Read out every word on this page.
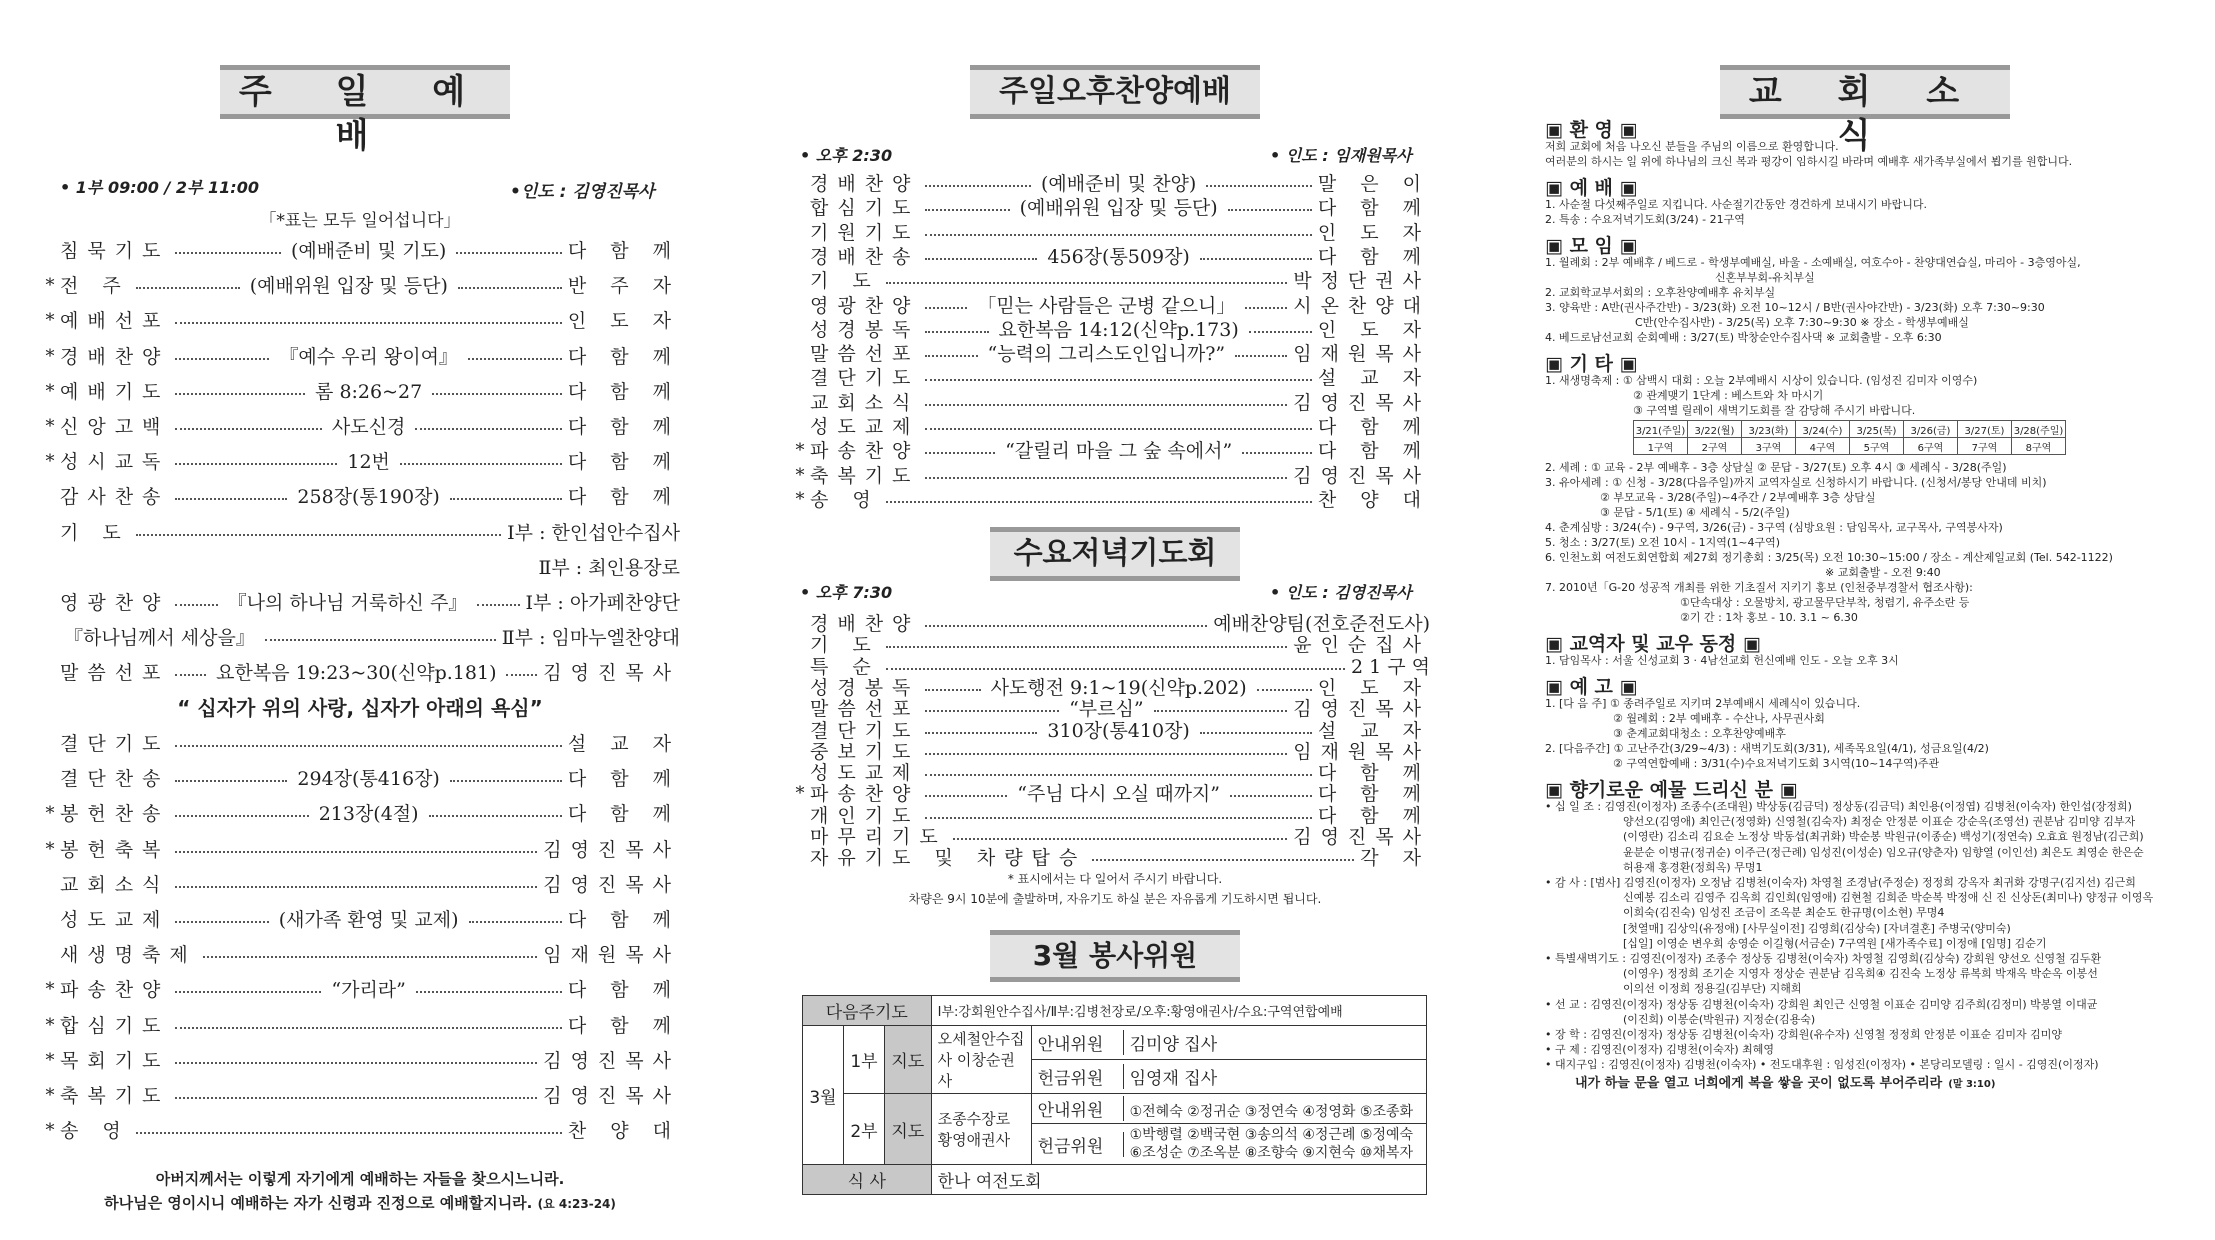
주 일 예 배
• 1부 09:00 / 2부 11:00	•인도 : 김영진목사
「*표는 모두 일어섭니다」
침묵기도	(예배준비 및 기도)	다 함 께
* 전 주	(예배위원 입장 및 등단)	반 주 자
* 예배선포	인 도 자
* 경배찬양	『예수 우리 왕이여』	다 함 께
* 예배기도	롬 8:26~27	다 함 께
* 신앙고백	사도신경	다 함 께
* 성시교독	12번	다 함 께
감사찬송	258장(통190장)	다 함 께
기 도	Ⅰ부 : 한인섭안수집사
Ⅱ부 : 최인용장로
영광찬양	『나의 하나님 거룩하신 주』	Ⅰ부 : 아가페찬양단
『하나님께서 세상을』	Ⅱ부 : 임마누엘찬양대
말씀선포 요한복음 19:23~30(신약p.181) 김영진목사
“ 십자가 위의 사랑, 십자가 아래의 욕심”
결단기도	설 교 자
결단찬송	294장(통416장)	다 함 께
* 봉헌찬송	213장(4절)	다 함 께
* 봉헌축복	김영진목사
교회소식	김영진목사
성도교제	(새가족 환영 및 교제)	다 함 께
새생명축제	임재원목사
* 파송찬양	“가리라”	다 함 께
* 합심기도	다 함 께
* 목회기도	김영진목사
* 축복기도	김영진목사
* 송 영	찬 양 대
아버지께서는 이렇게 자기에게 예배하는 자들을 찾으시느니라.
하나님은 영이시니 예배하는 자가 신령과 진정으로 예배할지니라. (요 4:23-24)
주일오후찬양예배
• 오후 2:30	• 인도 : 임재원목사
경배찬양	(예배준비 및 찬양)	말 은 이
합심기도	(예배위원 입장 및 등단)	다 함 께
기원기도	인 도 자
경배찬송	456장(통509장)	다 함 께
기 도	박정단권사
영광찬양	「믿는 사람들은 군병 같으니」	시온찬양대
성경봉독	요한복음 14:12(신약p.173)	인 도 자
말씀선포	“능력의 그리스도인입니까?”	임재원목사
결단기도	설 교 자
교회소식	김영진목사
성도교제	다 함 께
* 파송찬양	“갈릴리 마을 그 숲 속에서”	다 함 께
* 축복기도	김영진목사
* 송 영	찬 양 대
수요저녁기도회
• 오후 7:30	• 인도 : 김영진목사
경배찬양	예배찬양팀(전호준전도사)
기 도	윤인순집사
특 순	2 1 구 역
성경봉독	사도행전 9:1~19(신약p.202)	인 도 자
말씀선포	“부르심”	김영진목사
결단기도	310장(통410장)	설 교 자
중보기도	임재원목사
성도교제	다 함 께
* 파송찬양	“주님 다시 오실 때까지”	다 함 께
개인기도	다 함 께
마무리기도	김영진목사
자유기도 및 차량탑승	각 자
* 표시에서는 다 일어서 주시기 바랍니다.
차량은 9시 10분에 출발하며, 자유기도 하실 분은 자유롭게 기도하시면 됩니다.
3월 봉사위원
다음주기도			Ⅰ부:강회원안수집사/Ⅱ부:김병천장로/오후:황영애권사/수요:구역연합예배	
3월	1부	지도	오세철안수집사 이창순권사	안내위원 김미양 집사
				헌금위원 임영재 집사
	2부	지도	조종수장로 황영애권사	안내위원 ①전혜숙 ②정귀순 ③정연숙 ④정영화 ⑤조종화
				헌금위원①박행렬 ②백국현 ③송의석 ④정근례 ⑤정예숙
⑥조성순 ⑦조옥분 ⑧조향숙 ⑨지현숙 ⑩채복자
식 사			한나 여전도회	
교 회 소 식
▣ 환 영 ▣
저희 교회에 처음 나오신 분들을 주님의 이름으로 환영합니다.
여러분의 하시는 일 위에 하나님의 크신 복과 평강이 임하시길 바라며 예배후 새가족부실에서 뵙기를 원합니다.
▣ 예 배 ▣
1. 사순절 다섯째주일로 지킵니다. 사순절기간동안 경건하게 보내시기 바랍니다.
2. 특송 : 수요저녁기도회(3/24) - 21구역
▣ 모 임 ▣
1. 월례회 : 2부 예배후 / 베드로 - 학생부예배실, 바울 - 소예배실, 여호수아 - 찬양대연습실, 마리아 - 3층영아실,
신혼부부회-유치부실
2. 교회학교부서회의 : 오후찬양예배후 유치부실
3. 양육반 : A반(권사주간반) - 3/23(화) 오전 10~12시 / B반(권사야간반) - 3/23(화) 오후 7:30~9:30
C반(안수집사반) - 3/25(목) 오후 7:30~9:30 ※ 장소 - 학생부예배실
4. 베드로남선교회 순회예배 : 3/27(토) 박창순안수집사댁 ※ 교회출발 - 오후 6:30
▣ 기 타 ▣
1. 새생명축제 : ① 삼백시 대회 : 오늘 2부예배시 시상이 있습니다. (임성진 김미자 이영수)
② 관계맺기 1단계 : 베스트와 차 마시기
③ 구역별 릴레이 새벽기도회를 잘 감당해 주시기 바랍니다.
3/21(주일)	3/22(월)	3/23(화)	3/24(수)	3/25(목)	3/26(금)	3/27(토)	3/28(주일)
1구역	2구역	3구역	4구역	5구역	6구역	7구역	8구역
2. 세례 : ① 교육 - 2부 예배후 - 3층 상담실 ② 문답 - 3/27(토) 오후 4시 ③ 세례식 - 3/28(주일)
3. 유아세례 : ① 신청 - 3/28(다음주일)까지 교역자실로 신청하시기 바랍니다. (신청서/봉당 안내데 비치)
② 부모교육 - 3/28(주일)~4주간 / 2부예배후 3층 상담실
③ 문답 - 5/1(토) ④ 세례식 - 5/2(주일)
4. 춘계심방 : 3/24(수) - 9구역, 3/26(금) - 3구역 (심방요원 : 담임목사, 교구목사, 구역봉사자)
5. 청소 : 3/27(토) 오전 10시 - 1지역(1~4구역)
6. 인천노회 여전도회연합회 제27회 정기총회 : 3/25(목) 오전 10:30~15:00 / 장소 - 계산제일교회 (Tel. 542-1122)
※ 교회출발 - 오전 9:40
7. 2010년「G-20 성공적 개최를 위한 기초질서 지키기 홍보 (인천중부경찰서 협조사항):
①단속대상 : 오물방치, 광고물무단부착, 청렴기, 유주소란 등
②기 간 : 1차 홍보 - 10. 3.1 ~ 6.30
▣ 교역자 및 교우 동정 ▣
1. 담임목사 : 서울 신성교회 3 · 4남선교회 헌신예배 인도 - 오늘 오후 3시
▣ 예 고 ▣
1. [다 음 주] ① 종려주일로 지키며 2부예배시 세례식이 있습니다.
② 월례회 : 2부 예배후 - 수산나, 사무권사회
③ 춘계교회대청소 : 오후찬양예배후
2. [다음주간] ① 고난주간(3/29~4/3) : 새벽기도회(3/31), 세족목요일(4/1), 성금요일(4/2)
② 구역연합예배 : 3/31(수)수요저녁기도회 3시역(10~14구역)주관
▣ 향기로운 예물 드리신 분 ▣
• 십 일 조 : 김영진(이정자) 조종수(조대원) 박상동(김금덕) 정상동(김금덕) 최인용(이정엽) 김병천(이숙자) 한인섭(장정희)
양선오(김영애) 최인근(정영화) 신영철(김숙자) 최정순 안정분 이표순 강순옥(조영선) 권분남 김미양 김부자
(이영란) 김소리 김요순 노정상 박동섭(최귀화) 박순봉 박원규(이종순) 백성기(정연숙) 오효효 원정남(김근희)
윤분순 이병규(정귀순) 이주근(정근례) 임성진(이성순) 임오규(양춘자) 임향열 (이인선) 최은도 최영순 한은순
허용재 홍경환(정희옥) 무명1
• 감 사 : [범사] 김영진(이정자) 오정남 김병천(이숙자) 차영철 조경남(주정순) 정정희 강옥자 최귀화 강명구(김지선) 김근희
신예봉 김소리 김영주 김옥희 김인희(임영애) 김현철 김희준 박순복 박정애 신 진 신상돈(최미나) 양정규 이영옥
이희숙(김진숙) 임성진 조금이 조옥분 최순도 한규명(이소현) 무명4
[첫열매] 김상익(유정애) [사무실이전] 김영희(김상숙) [자녀결혼] 주병국(양미숙)
[십일] 이영순 변우희 송영순 이길형(서금순) 7구역원 [새가족수료] 이정애 [임명] 김순기
• 특별새벽기도 : 김영진(이정자) 조종수 정상동 김병천(이숙자) 차영철 김영희(김상숙) 강희원 양선오 신영철 김두환
(이영우) 정정희 조기순 지영자 정상순 권분남 김옥희④ 김진숙 노정상 류복희 박재옥 박순옥 이봉선
이의선 이정희 정용길(김부단) 지해희
• 선 교 : 김영진(이정자) 정상동 김병천(이숙자) 강희원 최인근 신영철 이표순 김미양 김주희(김정미) 박봉열 이대균
(이진희) 이봉순(박원규) 지정순(김용숙)
• 장 학 : 김영진(이정자) 정상동 김병천(이숙자) 강희원(유수자) 신영철 정정희 안정분 이표순 김미자 김미양
• 구 제 : 김영진(이정자) 김병천(이숙자) 최혜영
• 대지구입 : 김영진(이정자) 김병천(이숙자) • 전도대후원 : 임성진(이정자) • 본당리모델링 : 일시 - 김영진(이정자)
내가 하늘 문을 열고 너희에게 복을 쌓을 곳이 없도록 부어주리라 (말 3:10)
